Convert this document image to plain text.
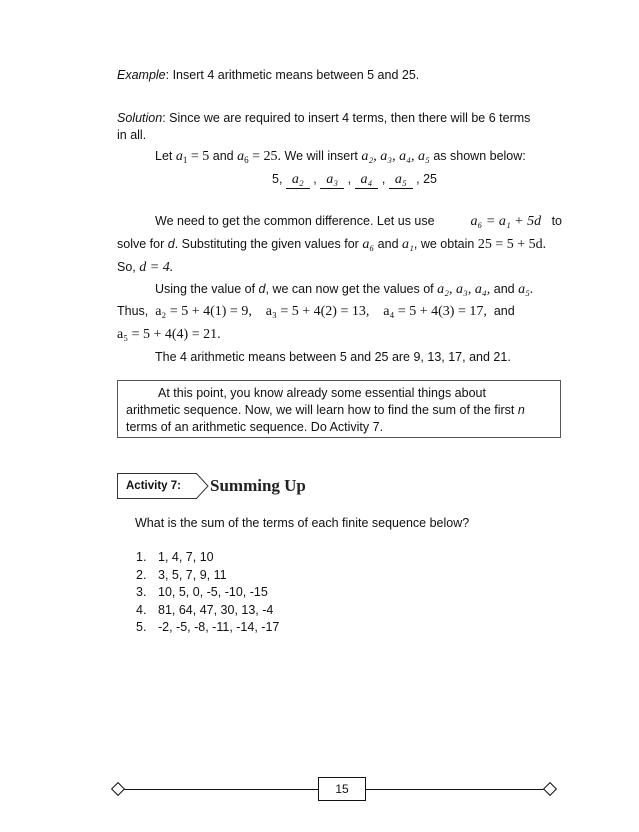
Example: Insert 4 arithmetic means between 5 and 25.
Solution: Since we are required to insert 4 terms, then there will be 6 terms
in all.
Let $a_1 = 5$ and $a_6 = 25$. We will insert a₂, a₃, a₄, a₅ as shown below:
5, a₂ , a₃ , a₄ , a₅ , 25
We need to get the common difference. Let us use	a₆ = a₁ + 5d to
solve for d. Substituting the given values for a₆ and a₁, we obtain 25 = 5 + 5d.
So, d = 4.
Using the value of d, we can now get the values of a₂, a₃, a₄, and a₅.
Thus, a₂ = 5 + 4(1) = 9, a₃ = 5 + 4(2) = 13, a₄ = 5 + 4(3) = 17, and
a₅ = 5 + 4(4) = 21.
The 4 arithmetic means between 5 and 25 are 9, 13, 17, and 21.
At this point, you know already some essential things about
arithmetic sequence. Now, we will learn how to find the sum of the first n
terms of an arithmetic sequence. Do Activity 7.
Activity 7:	Summing Up
What is the sum of the terms of each finite sequence below?
1. 1, 4, 7, 10
2. 3, 5, 7, 9, 11
3. 10, 5, 0, -5, -10, -15
4. 81, 64, 47, 30, 13, -4
5. -2, -5, -8, -11, -14, -17
15
